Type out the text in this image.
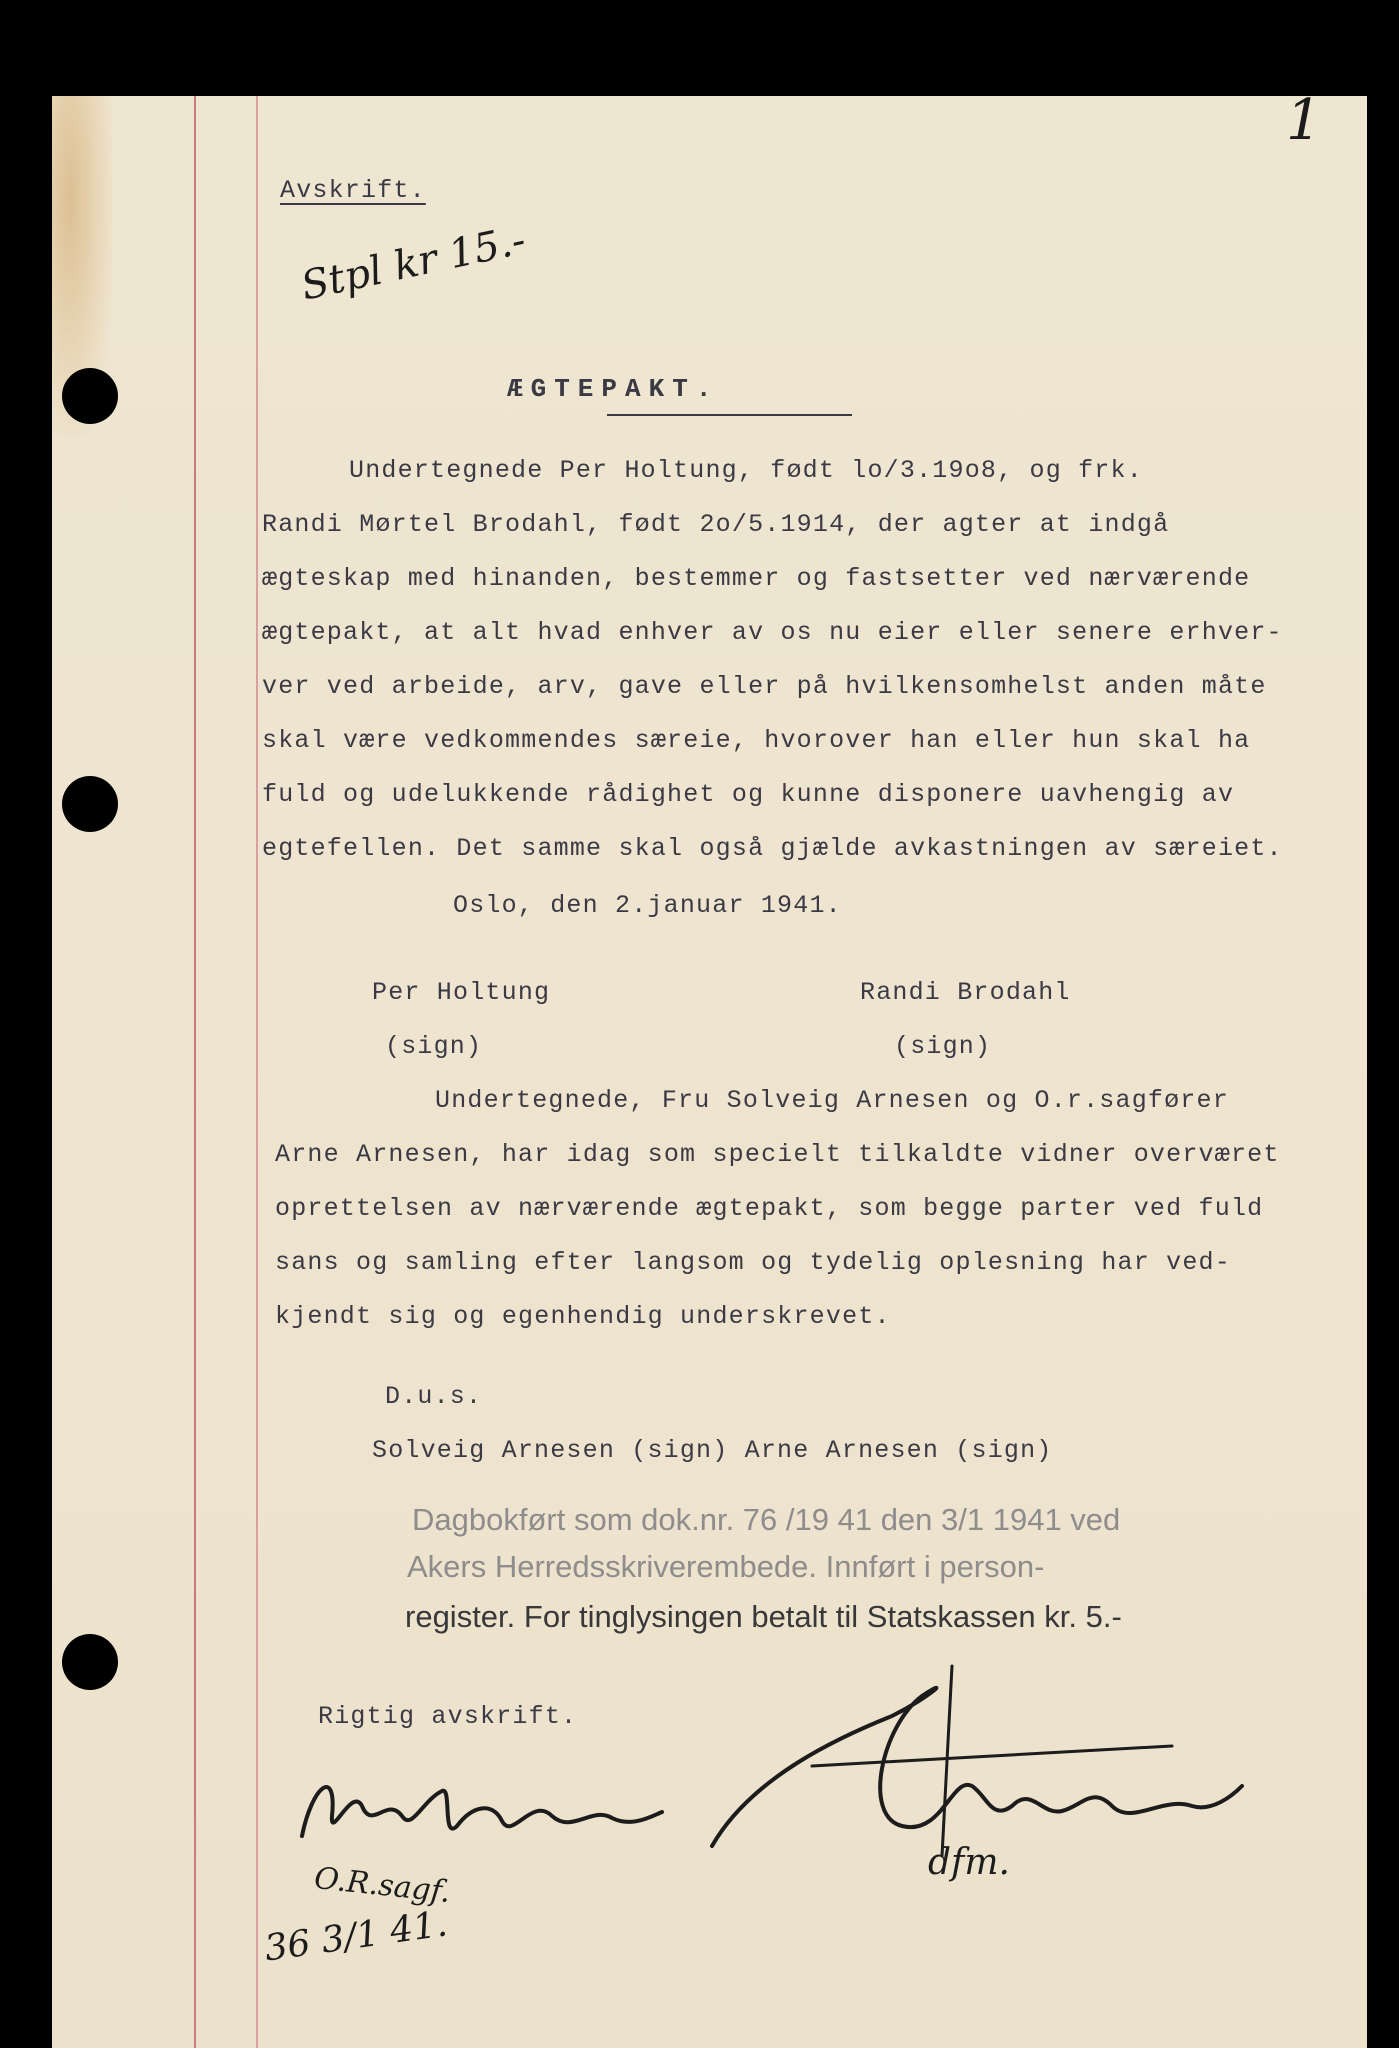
1
Avskrift.
Stpl kr 15.-
ÆGTEPAKT.
Undertegnede Per Holtung, født lo/3.19o8, og frk.
Randi Mørtel Brodahl, født 2o/5.1914, der agter at indgå
ægteskap med hinanden, bestemmer og fastsetter ved nærværende
ægtepakt, at alt hvad enhver av os nu eier eller senere erhver-
ver ved arbeide, arv, gave eller på hvilkensomhelst anden måte
skal være vedkommendes særeie, hvorover han eller hun skal ha
fuld og udelukkende rådighet og kunne disponere uavhengig av
egtefellen. Det samme skal også gjælde avkastningen av særeiet.
Oslo, den 2.januar 1941.
Per Holtung	Randi Brodahl
(sign)	(sign)
Undertegnede, Fru Solveig Arnesen og O.r.sagfører
Arne Arnesen, har idag som specielt tilkaldte vidner overværet
oprettelsen av nærværende ægtepakt, som begge parter ved fuld
sans og samling efter langsom og tydelig oplesning har ved-
kjendt sig og egenhendig underskrevet.
D.u.s.
Solveig Arnesen (sign) Arne Arnesen (sign)
Dagbokført som dok.nr. 76 /19 41 den 3/1 1941 ved
Akers Herredsskriverembede. Innført i person-
register. For tinglysingen betalt til Statskassen kr. 5.-
Rigtig avskrift.
O.R.sagf.
36 3/1 41.
dfm.
